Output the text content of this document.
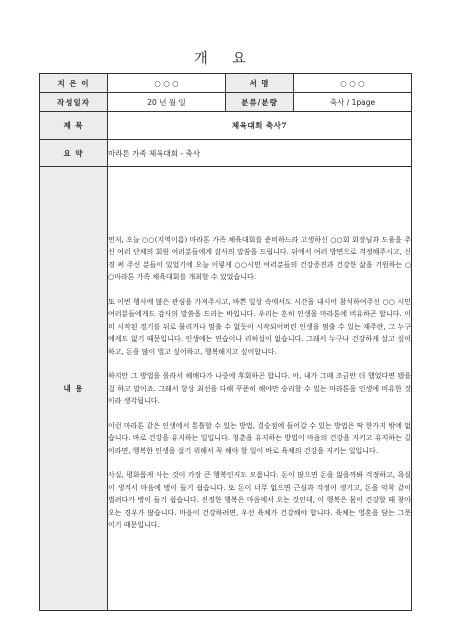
개 요
지 은 이	○ ○ ○	서 명	○ ○ ○
작성일자	20 년 월 일	분류/분량	축사 / 1page
제 목	체육대회 축사7		
요 약	마라톤 가족 체육대회 - 축사		
내 용	먼저, 오늘 ○○(지역이름) 마라톤 가족 체육대회를 준비하느라 고생하신 ○○회 회장님과 도움을 주신 여러 단체의 회원 여러분들에게 감사의 말씀을 드립니다. 뒤에서 여러 방면으로 걱정해주시고, 신경 써 주신 분들이 있었기에 오늘 이렇게 ○○시민 여러분들의 건강증진과 건강한 삶을 기원하는 ○○마라톤 가족 체육대회를 개최할 수 있었습니다.

또 이번 행사에 많은 관심을 가져주시고, 바쁜 일상 속에서도 시간을 내시어 참석하여주신 ○○ 시민 여러분들에게도 감사의 말씀을 드리는 바입니다. 우리는 흔히 인생을 마라톤에 비유하곤 합니다. 이미 시작된 경기를 뒤로 물리거나 멈출 수 없듯이 시작되어버린 인생을 멈출 수 있는 재주란, 그 누구에게도 없기 때문입니다. 인생에는 연습이나 리허설이 없습니다. 그래서 누구나 건강하게 살고 싶어하고, 돈을 많이 벌고 싶어하고, 행복해지고 싶어합니다.

하지만 그 방법을 몰라서 헤매다가 나중에 후회하곤 합니다. 아, 내가 그때 조금만 더 했었다면 됐을 걸 하고 말이죠. 그래서 항상 최선을 다해 꾸준히 해야만 승리할 수 있는 마라톤을 인생에 비유한 것이라 생각됩니다.

이런 마라톤 같은 인생에서 통틀할 수 있는 방법, 결승점에 들어갈 수 있는 방법은 딱 한가지 밖에 없습니다. 바로 건강을 유지하는 일입니다. 청춘을 유지하는 방법이 마음의 건강을 지키고 유지하는 길이라면, 행복한 인생을 살기 위해서 꼭 해야 할 일이 바로 육체의 건강을 지키는 일입니다.

사실, 평화롭게 사는 것이 가장 큰 행복인지도 모릅니다. 돈이 많으면 돈을 잃을까봐 걱정하고, 욕심이 생겨서 마음에 병이 들기 쉽습니다. 또 돈이 너무 없으면 근심과 걱정이 생기고, 돈을 악착 같이 벌려다가 병이 들기 쉽습니다. 진정한 행복은 마음에서 오는 것인데, 이 행복은 몸이 건강할 때 찾아오는 경우가 많습니다. 마음이 건강하려면, 우선 육체가 건강해야 합니다. 육체는 영혼을 담는 그릇이기 때문입니다.		
